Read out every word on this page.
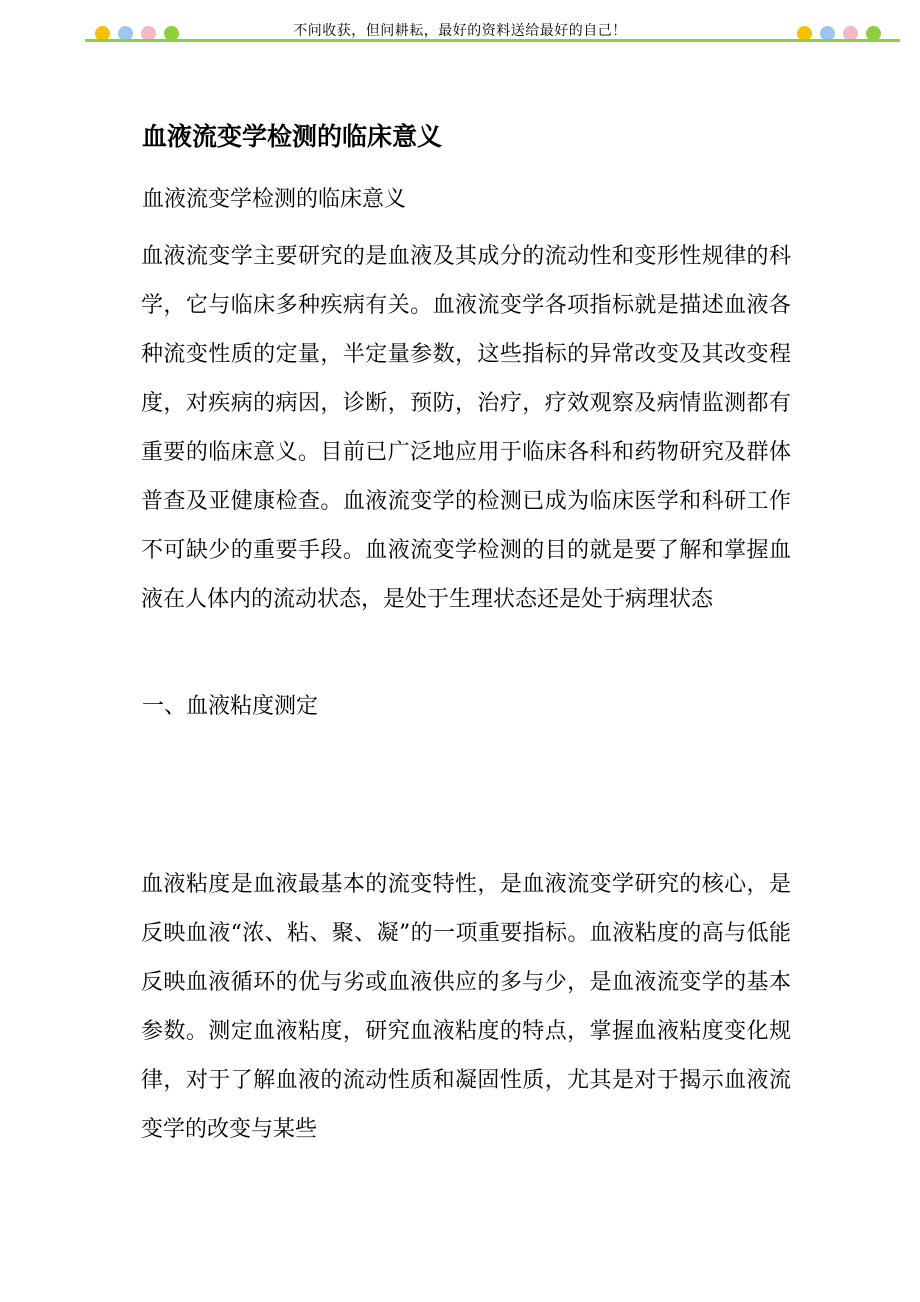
不问收获，但问耕耘，最好的资料送给最好的自己！
血液流变学检测的临床意义

血液流变学检测的临床意义

血液流变学主要研究的是血液及其成分的流动性和变形性规律的科学，它与临床多种疾病有关。血液流变学各项指标就是描述血液各种流变性质的定量，半定量参数，这些指标的异常改变及其改变程度，对疾病的病因，诊断，预防，治疗，疗效观察及病情监测都有重要的临床意义。目前已广泛地应用于临床各科和药物研究及群体普查及亚健康检查。血液流变学的检测已成为临床医学和科研工作不可缺少的重要手段。血液流变学检测的目的就是要了解和掌握血液在人体内的流动状态，是处于生理状态还是处于病理状态

一、血液粘度测定

血液粘度是血液最基本的流变特性，是血液流变学研究的核心，是反映血液“浓、粘、聚、凝”的一项重要指标。血液粘度的高与低能反映血液循环的优与劣或血液供应的多与少，是血液流变学的基本参数。测定血液粘度，研究血液粘度的特点，掌握血液粘度变化规律，对于了解血液的流动性质和凝固性质，尤其是对于揭示血液流变学的改变与某些
